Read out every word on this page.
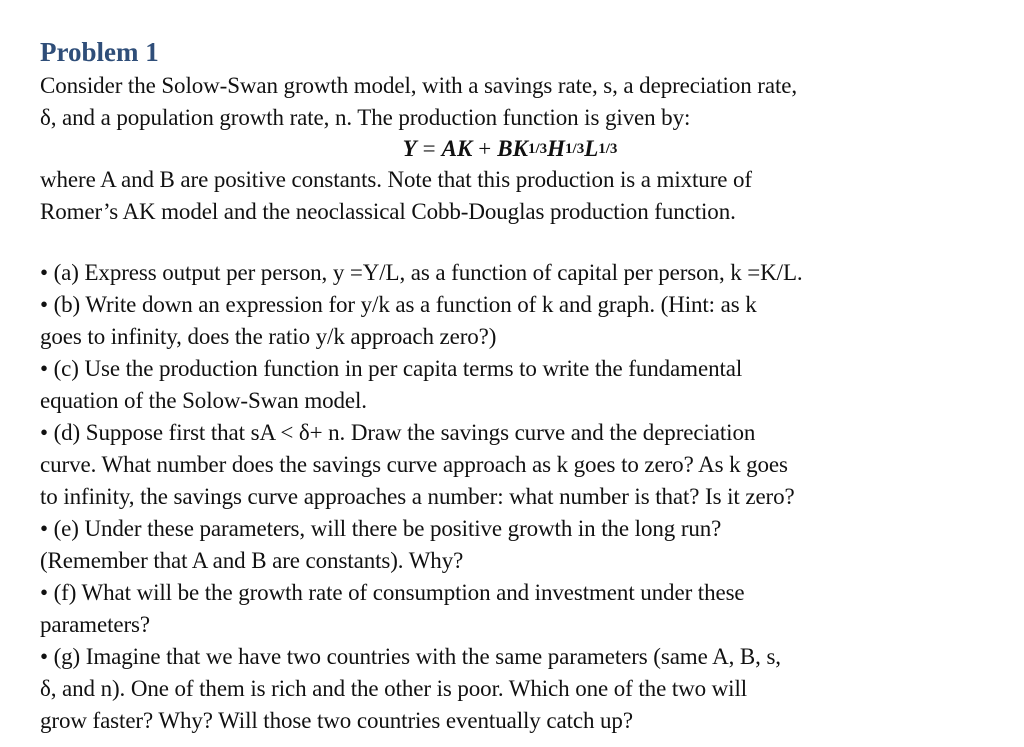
Problem 1
Consider the Solow-Swan growth model, with a savings rate, s, a depreciation rate,
δ, and a population growth rate, n. The production function is given by:
Y = AK + $BK^{1/3}H^{1/3}L^{1/3}$
where A and B are positive constants. Note that this production is a mixture of
Romer’s AK model and the neoclassical Cobb-Douglas production function.
• (a) Express output per person, y =Y/L, as a function of capital per person, k =K/L.
• (b) Write down an expression for y/k as a function of k and graph. (Hint: as k
goes to infinity, does the ratio y/k approach zero?)
• (c) Use the production function in per capita terms to write the fundamental
equation of the Solow-Swan model.
• (d) Suppose first that sA < δ+ n. Draw the savings curve and the depreciation
curve. What number does the savings curve approach as k goes to zero? As k goes
to infinity, the savings curve approaches a number: what number is that? Is it zero?
• (e) Under these parameters, will there be positive growth in the long run?
(Remember that A and B are constants). Why?
• (f) What will be the growth rate of consumption and investment under these
parameters?
• (g) Imagine that we have two countries with the same parameters (same A, B, s,
δ, and n). One of them is rich and the other is poor. Which one of the two will
grow faster? Why? Will those two countries eventually catch up?
